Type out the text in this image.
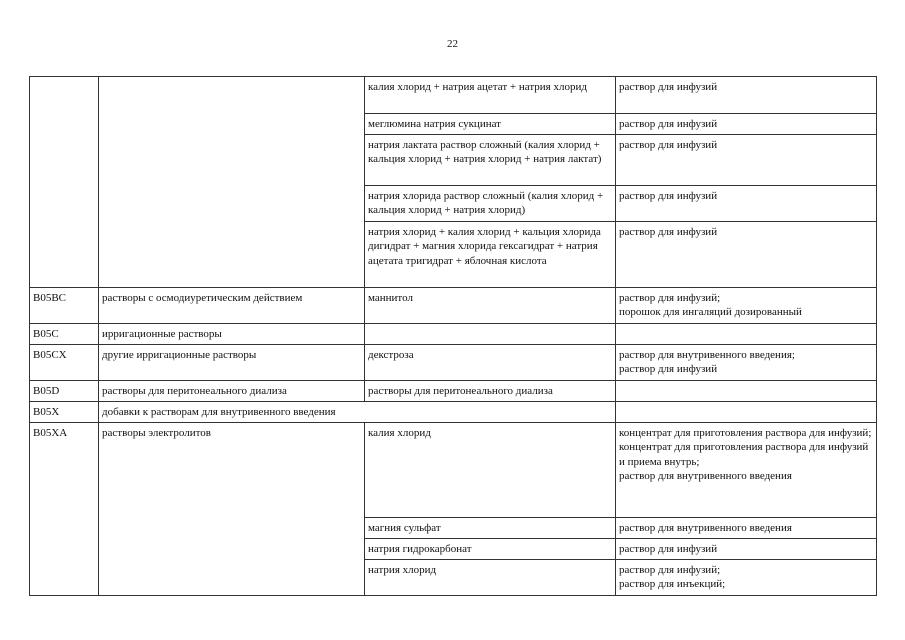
22
		калия хлорид + натрия ацетат + натрия хлорид	раствор для инфузий
		меглюмина натрия сукцинат	раствор для инфузий
		натрия лактата раствор сложный (калия хлорид + кальция хлорид + натрия хлорид + натрия лактат)	раствор для инфузий
		натрия хлорида раствор сложный (калия хлорид + кальция хлорид + натрия хлорид)	раствор для инфузий
		натрия хлорид + калия хлорид + кальция хлорида дигидрат + магния хлорида гексагидрат + натрия ацетата тригидрат + яблочная кислота	раствор для инфузий
B05BC	растворы с осмодиуретическим действием	маннитол	раствор для инфузий;
порошок для ингаляций дозированный
B05C	ирригационные растворы		
B05CX	другие ирригационные растворы	декстроза	раствор для внутривенного введения;
раствор для инфузий
B05D	растворы для перитонеального диализа	растворы для перитонеального диализа	
B05X	добавки к растворам для внутривенного введения		
B05XA	растворы электролитов	калия хлорид	концентрат для приготовления раствора для инфузий;
концентрат для приготовления раствора для инфузий
и приема внутрь;
раствор для внутривенного введения
		магния сульфат	раствор для внутривенного введения
		натрия гидрокарбонат	раствор для инфузий
		натрия хлорид	раствор для инфузий;
раствор для инъекций;
